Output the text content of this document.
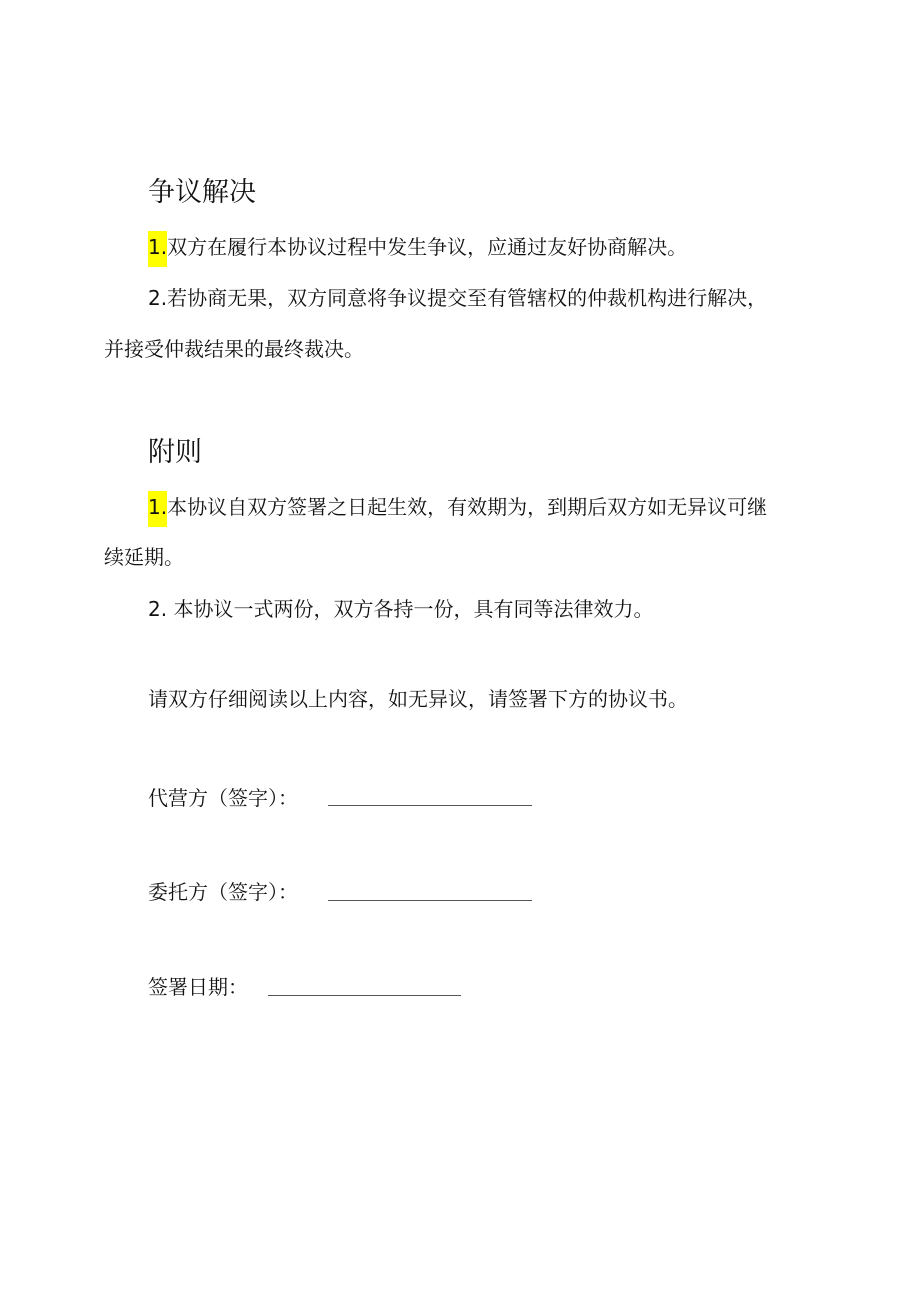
争议解决
1.双方在履行本协议过程中发生争议，应通过友好协商解决。
2.若协商无果，双方同意将争议提交至有管辖权的仲裁机构进行解决，
并接受仲裁结果的最终裁决。
附则
1.本协议自双方签署之日起生效，有效期为，到期后双方如无异议可继
续延期。
2. 本协议一式两份，双方各持一份，具有同等法律效力。
请双方仔细阅读以上内容，如无异议，请签署下方的协议书。
代营方（签字）：
委托方（签字）：
签署日期：
